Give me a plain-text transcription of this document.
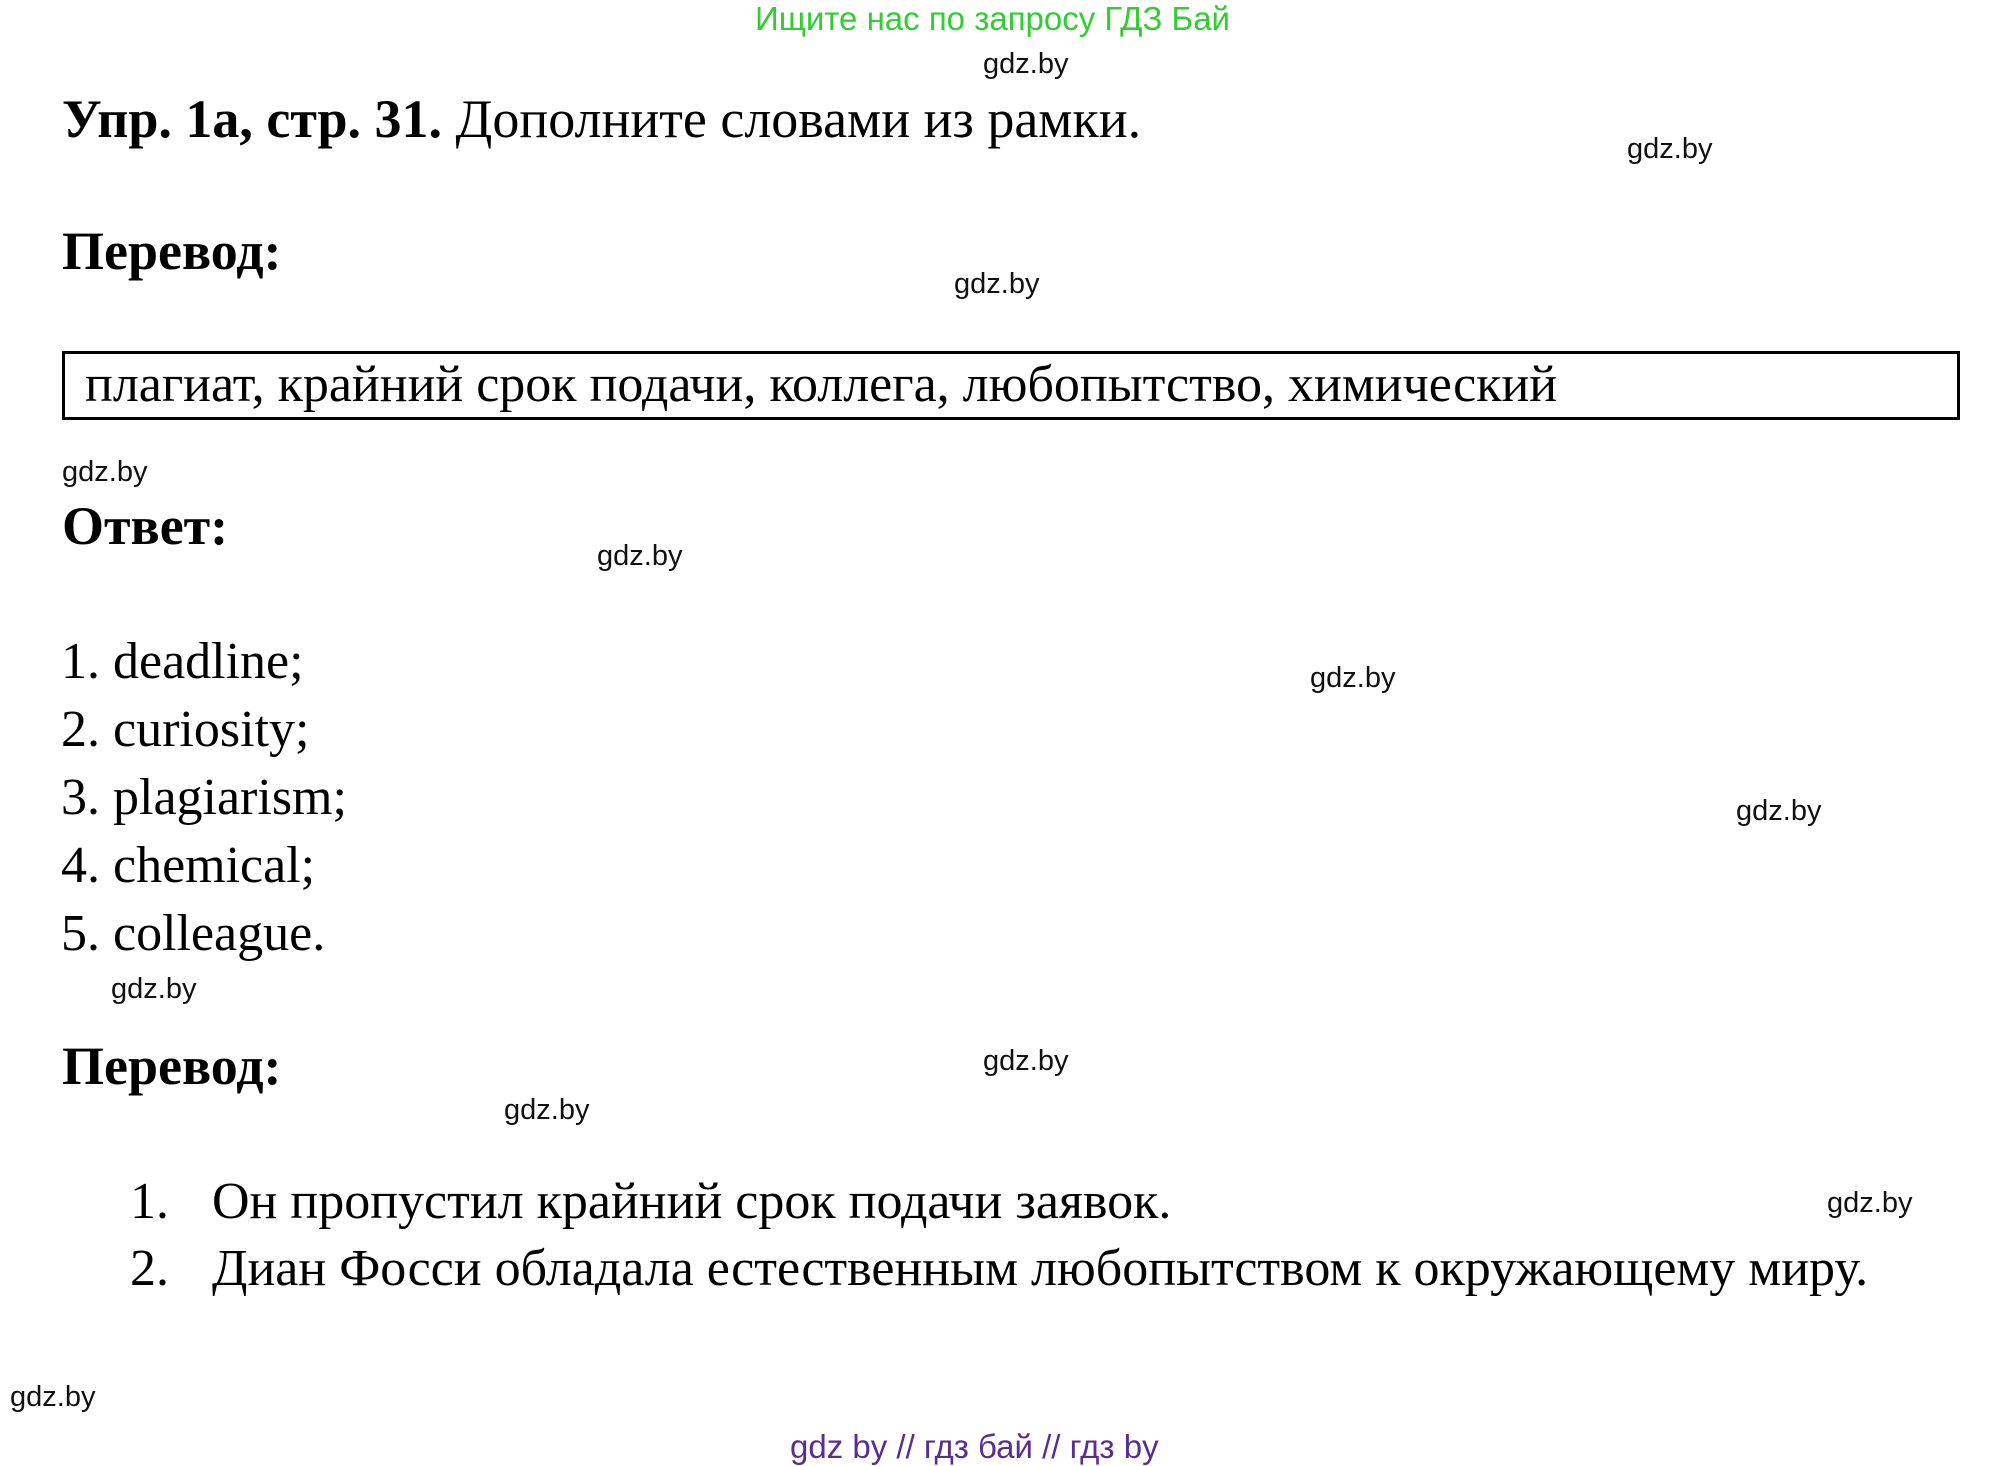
Ищите нас по запросу ГДЗ Бай
Упр. 1а, стр. 31. Дополните словами из рамки.
Перевод:
плагиат, крайний срок подачи, коллега, любопытство, химический
Ответ:
1. deadline;
2. curiosity;
3. plagiarism;
4. chemical;
5. colleague.
Перевод:
1. Он пропустил крайний срок подачи заявок.
2. Диан Фосси обладала естественным любопытством к окружающему миру.
gdz.by
gdz.by
gdz.by
gdz.by
gdz.by
gdz.by
gdz.by
gdz.by
gdz.by
gdz.by
gdz.by
gdz.by
gdz by // гдз бай // гдз by
